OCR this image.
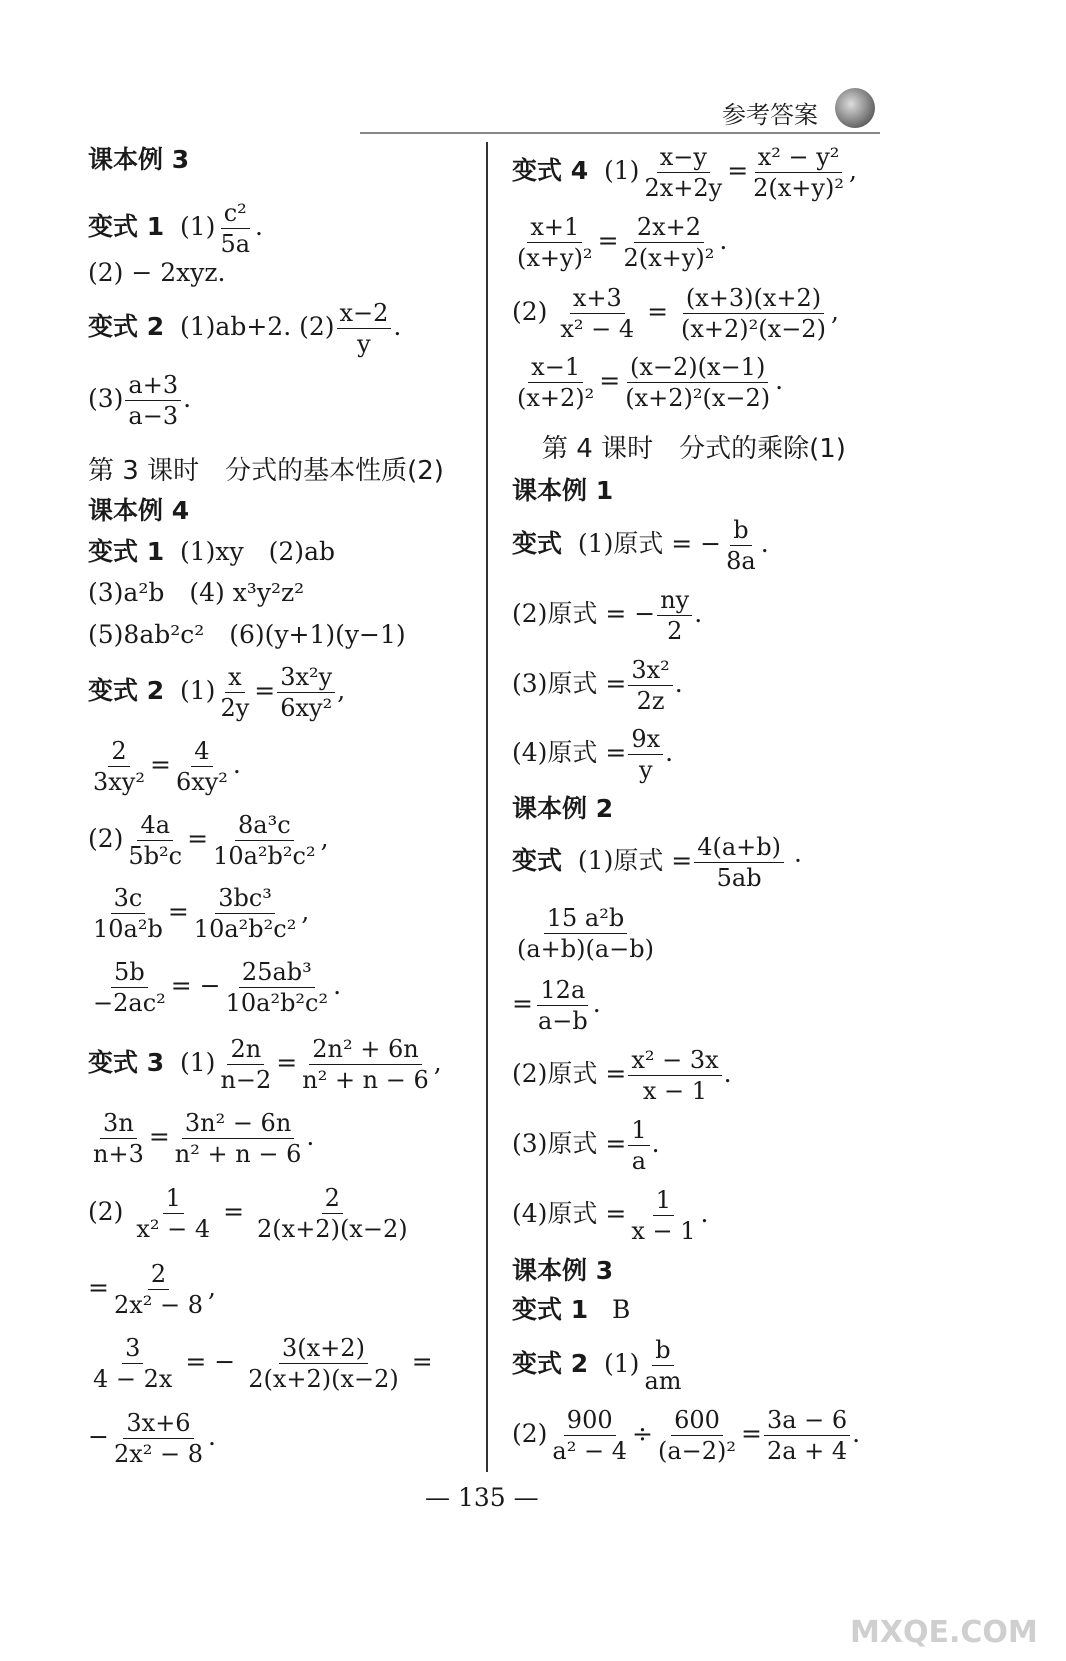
参考答案
课本例 3
变式 1 $(1) \frac{\text{c²}}{5a}$ .
(2) − 2xyz.
变式 2 (1)ab+2. $(2) \frac{x-2}{y}$ .
$(3) \frac{a+3}{a-3}$ .
第 3 课时　分式的基本性质(2)
课本例 4
变式 1 (1)xy　(2)ab
(3)a²b　(4) x³y²z²
(5)8ab²c²　(6)(y+1)(y−1)
变式 2 $(1) \frac{x}{2y} = \frac{\text{3x²y}}{\text{6xy²}}$ ,
$\frac{2}{\text{3xy²}} = \frac{4}{\text{6xy²}}$ .
$(2) \frac{4a}{\text{5b²c}} = \frac{\text{8a³c}}{\text{10a²b²c²}}$ ,
$\frac{3c}{\text{10a²b}} = \frac{\text{3bc³}}{\text{10a²b²c²}}$ ,
$\frac{5b}{\text{−2ac²}}$ = − $\frac{\text{25ab³}}{\text{10a²b²c²}}$ .
变式 3 $(1) \frac{2n}{n-2} = \frac{\text{2n² + 6n}}{\text{n² + n − 6}}$ ,
$\frac{3n}{n+3} = \frac{\text{3n² − 6n}}{\text{n² + n − 6}}$ .
$(2) \frac{1}{\text{x² − 4}} = \frac{2}{2(x+2)(x-2)}$
= $\frac{2}{\text{2x² − 8}}$ ,
$\frac{3}{4 - 2x}$ = − $\frac{3(x+2)}{2(x+2)(x-2)}$ =
− $\frac{3x+6}{\text{2x² − 8}}$ .
变式 4 $(1) \frac{x-y}{2x+2y} = \frac{\text{x² − y²}}{\text{2(x+y)²}}$ ,
$\frac{x+1}{\text{(x+y)²}} = \frac{2x+2}{\text{2(x+y)²}}$ .
$(2) \frac{x+3}{\text{x² − 4}} = \frac{(x+3)(x+2)}{\text{(x+2)²(x−2)}}$ ,
$\frac{x-1}{\text{(x+2)²}} = \frac{(x-2)(x-1)}{\text{(x+2)²(x−2)}}$ .
第 4 课时　分式的乘除(1)
课本例 1
变式 (1)原式 = − $\frac{b}{8a}$ .
(2)原式 = − $\frac{ny}{2}$ .
(3)原式 = $\frac{\text{3x²}}{2z}$ .
(4)原式 = $\frac{9x}{y}$ .
课本例 2
变式 (1)原式 = $\frac{4(a+b)}{5ab}$ ·
$\frac{\text{15 a²b}}{(a+b)(a-b)}$
= $\frac{12a}{a-b}$ .
(2)原式 = $\frac{\text{x² − 3x}}{x - 1}$ .
(3)原式 = $\frac{1}{a}$ .
(4)原式 = $\frac{1}{x - 1}$ .
课本例 3
变式 1 B
变式 2 $(1) \frac{b}{am}$
$(2) \frac{900}{\text{a² − 4}} \div \frac{600}{\text{(a−2)²}} = \frac{3a - 6}{2a + 4}$ .
— 135 —
MXQE.COM
